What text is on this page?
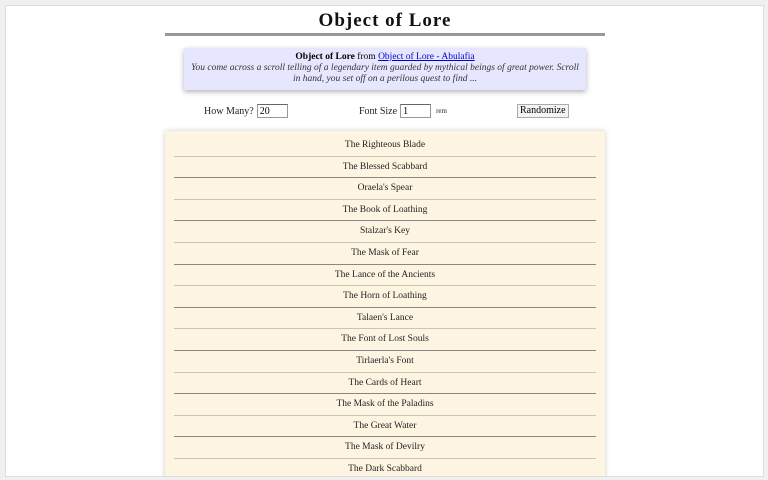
Object of Lore
Object of Lore from Object of Lore - Abulafia
You come across a scroll telling of a legendary item guarded by mythical beings of great power. Scroll in hand, you set off on a perilous quest to find ...
How Many?
20	Font Size
1	rem	Randomize
The Righteous Blade
The Blessed Scabbard
Oraela's Spear
The Book of Loathing
Stalzar's Key
The Mask of Fear
The Lance of the Ancients
The Horn of Loathing
Talaen's Lance
The Font of Lost Souls
Tirlaerla's Font
The Cards of Heart
The Mask of the Paladins
The Great Water
The Mask of Devilry
The Dark Scabbard
